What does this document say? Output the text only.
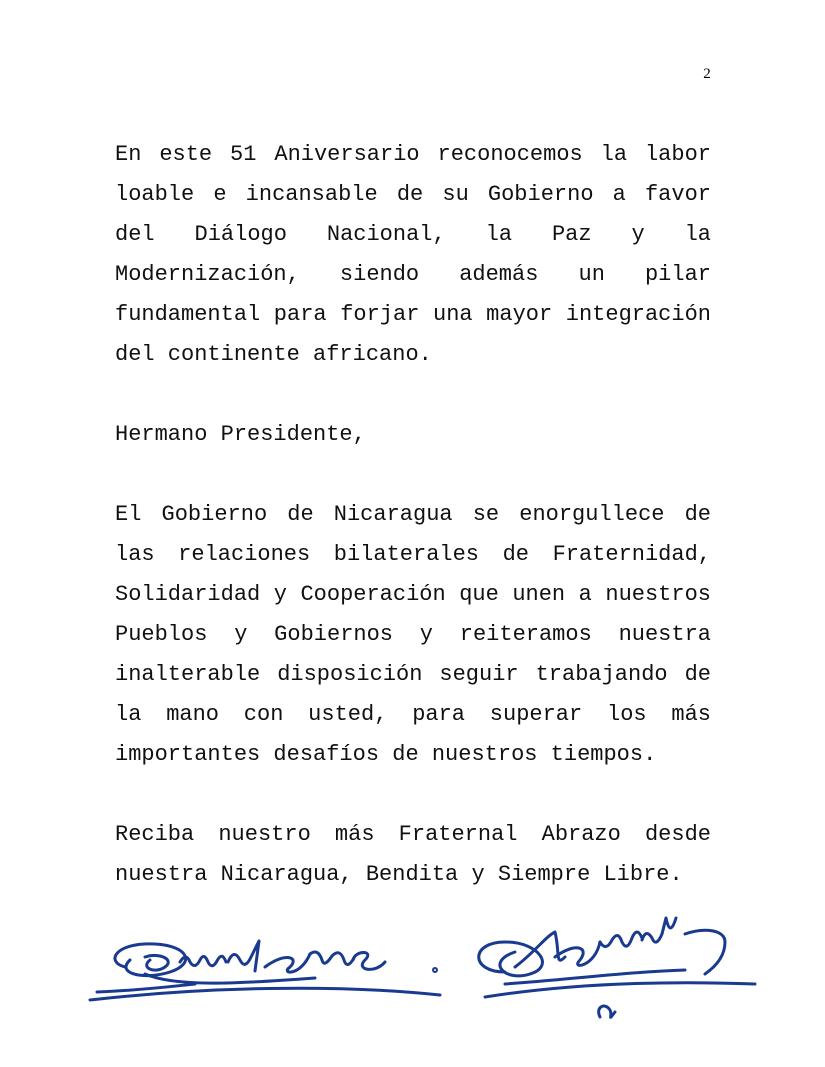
2

En este 51 Aniversario reconocemos la labor loable e incansable de su Gobierno a favor del Diálogo Nacional, la Paz y la Modernización, siendo además un pilar fundamental para forjar una mayor integración del continente africano.

Hermano Presidente,

El Gobierno de Nicaragua se enorgullece de las relaciones bilaterales de Fraternidad, Solidaridad y Cooperación que unen a nuestros Pueblos y Gobiernos y reiteramos nuestra inalterable disposición seguir trabajando de la mano con usted, para superar los más importantes desafíos de nuestros tiempos.

Reciba nuestro más Fraternal Abrazo desde nuestra Nicaragua, Bendita y Siempre Libre.
